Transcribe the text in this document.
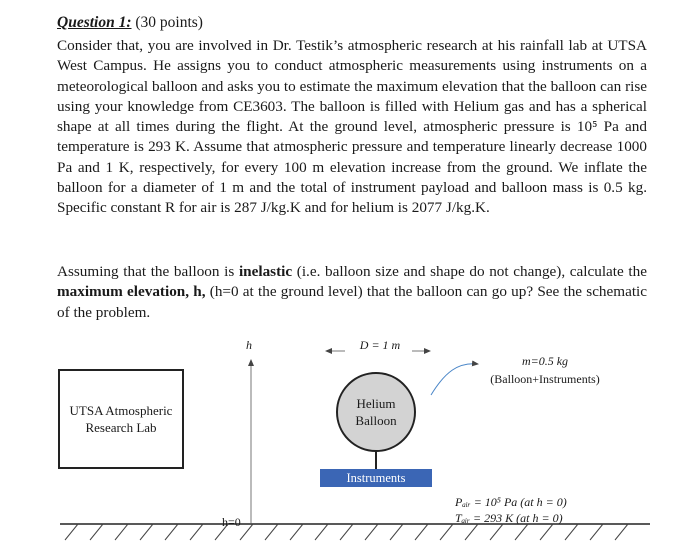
Question 1: (30 points)
Consider that, you are involved in Dr. Testik’s atmospheric research at his rainfall lab at UTSA West Campus. He assigns you to conduct atmospheric measurements using instruments on a meteorological balloon and asks you to estimate the maximum elevation that the balloon can rise using your knowledge from CE3603. The balloon is filled with Helium gas and has a spherical shape at all times during the flight. At the ground level, atmospheric pressure is 10⁵ Pa and temperature is 293 K. Assume that atmospheric pressure and temperature linearly decrease 1000 Pa and 1 K, respectively, for every 100 m elevation increase from the ground. We inflate the balloon for a diameter of 1 m and the total of instrument payload and balloon mass is 0.5 kg. Specific constant R for air is 287 J/kg.K and for helium is 2077 J/kg.K.
Assuming that the balloon is inelastic (i.e. balloon size and shape do not change), calculate the maximum elevation, h, (h=0 at the ground level) that the balloon can go up? See the schematic of the problem.
UTSA Atmospheric
Research Lab
h
h=0
D = 1 m
Helium
Balloon
Instruments
m=0.5 kg
(Balloon+Instruments)
Pₐᵢᵣ = 10⁵ Pa (at h = 0)
Tₐᵢᵣ = 293 K (at h = 0)
